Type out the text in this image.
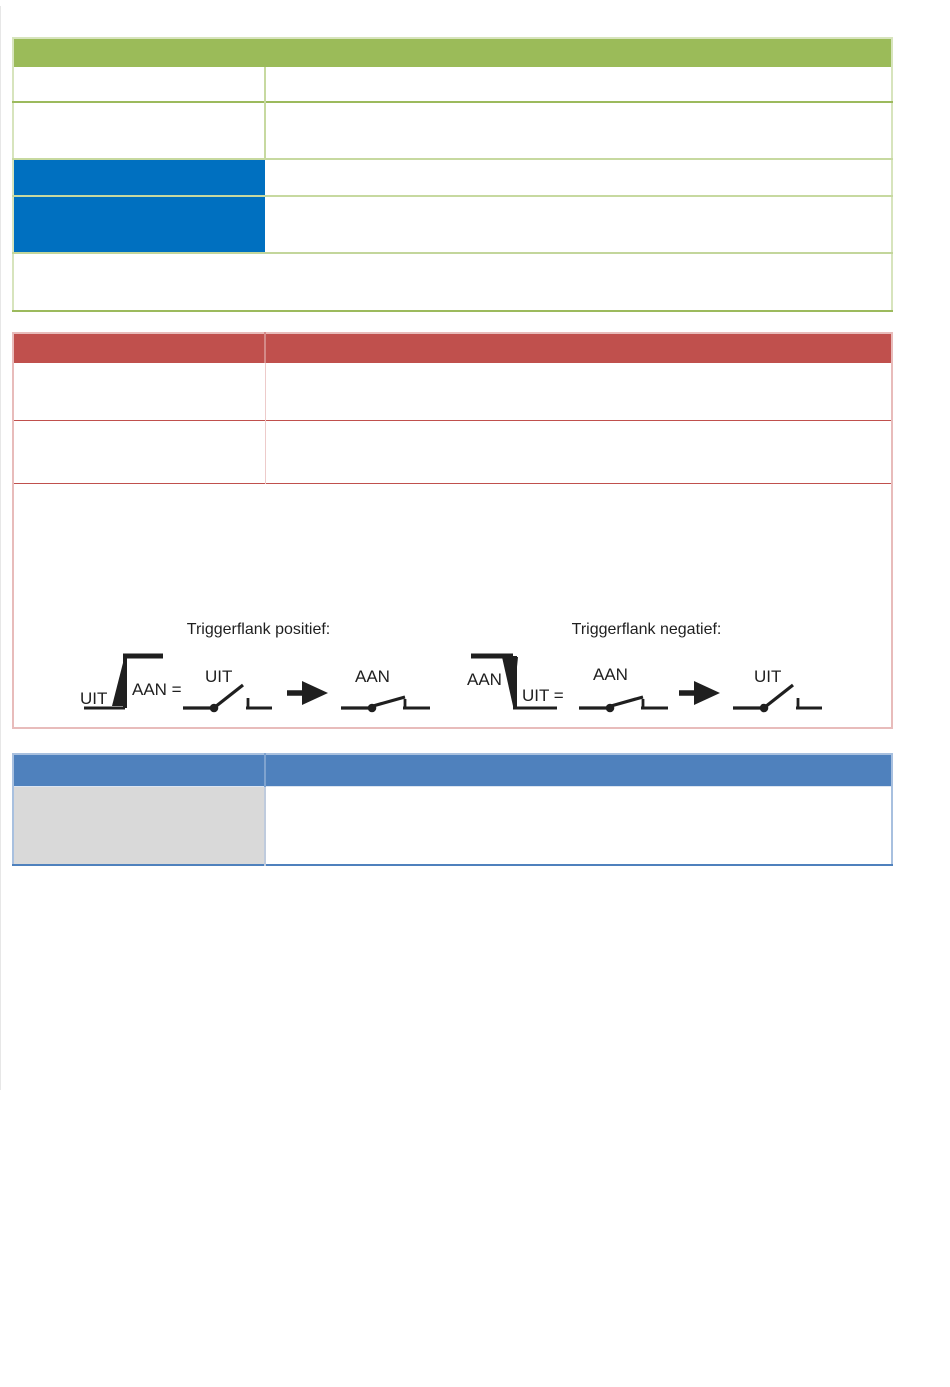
Triggerflank positief:
UIT AAN =
UIT	AAN
Triggerflank negatief:
AAN
UIT =
AAN	UIT
